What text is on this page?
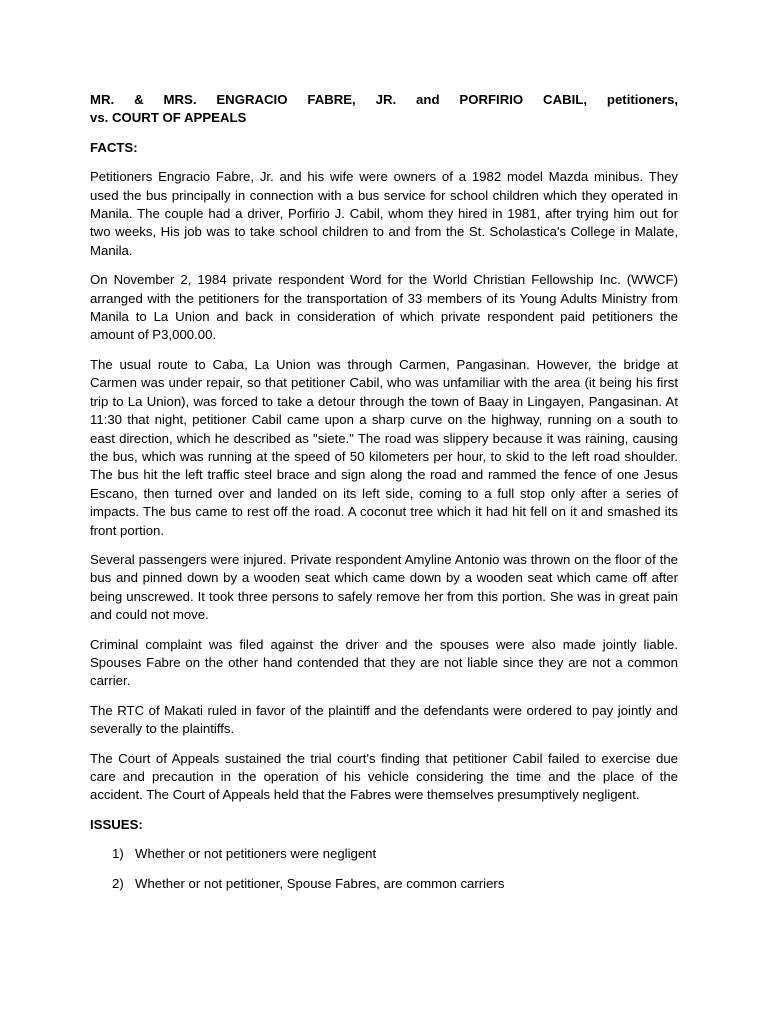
MR. & MRS. ENGRACIO FABRE, JR. and PORFIRIO CABIL, petitioners,
vs. COURT OF APPEALS
FACTS:

Petitioners Engracio Fabre, Jr. and his wife were owners of a 1982 model Mazda minibus. They used the bus principally in connection with a bus service for school children which they operated in Manila. The couple had a driver, Porfirio J. Cabil, whom they hired in 1981, after trying him out for two weeks, His job was to take school children to and from the St. Scholastica's College in Malate, Manila.

On November 2, 1984 private respondent Word for the World Christian Fellowship Inc. (WWCF) arranged with the petitioners for the transportation of 33 members of its Young Adults Ministry from Manila to La Union and back in consideration of which private respondent paid petitioners the amount of P3,000.00.

The usual route to Caba, La Union was through Carmen, Pangasinan. However, the bridge at Carmen was under repair, so that petitioner Cabil, who was unfamiliar with the area (it being his first trip to La Union), was forced to take a detour through the town of Baay in Lingayen, Pangasinan. At 11:30 that night, petitioner Cabil came upon a sharp curve on the highway, running on a south to east direction, which he described as "siete." The road was slippery because it was raining, causing the bus, which was running at the speed of 50 kilometers per hour, to skid to the left road shoulder. The bus hit the left traffic steel brace and sign along the road and rammed the fence of one Jesus Escano, then turned over and landed on its left side, coming to a full stop only after a series of impacts. The bus came to rest off the road. A coconut tree which it had hit fell on it and smashed its front portion.

Several passengers were injured. Private respondent Amyline Antonio was thrown on the floor of the bus and pinned down by a wooden seat which came down by a wooden seat which came off after being unscrewed. It took three persons to safely remove her from this portion. She was in great pain and could not move.

Criminal complaint was filed against the driver and the spouses were also made jointly liable. Spouses Fabre on the other hand contended that they are not liable since they are not a common carrier.

The RTC of Makati ruled in favor of the plaintiff and the defendants were ordered to pay jointly and severally to the plaintiffs.

The Court of Appeals sustained the trial court's finding that petitioner Cabil failed to exercise due care and precaution in the operation of his vehicle considering the time and the place of the accident. The Court of Appeals held that the Fabres were themselves presumptively negligent.

ISSUES:
1) Whether or not petitioners were negligent
2) Whether or not petitioner, Spouse Fabres, are common carriers
